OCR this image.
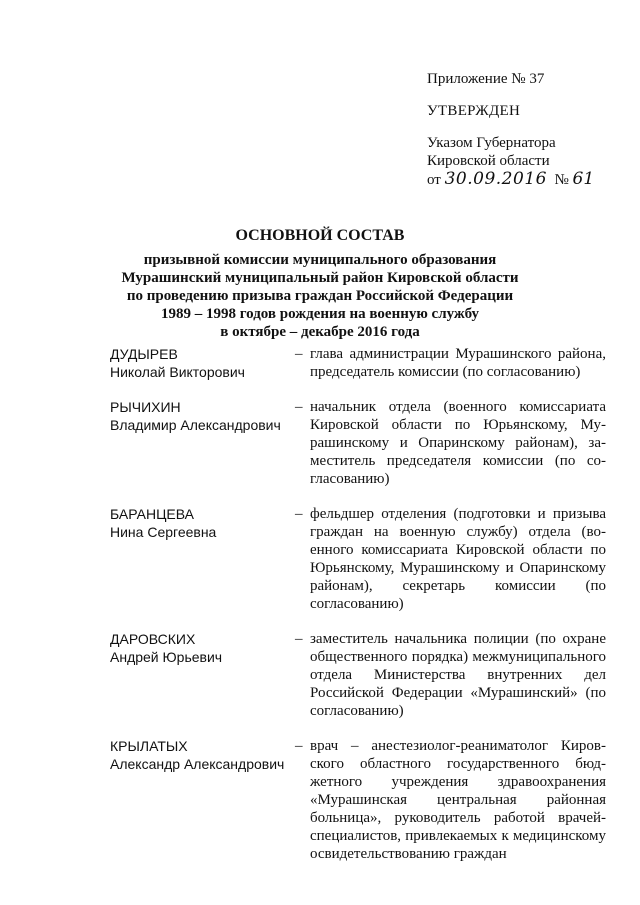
Приложение № 37
УТВЕРЖДЕН
Указом Губернатора
Кировской области
от 30.09.2016 № 61
ОСНОВНОЙ СОСТАВ
призывной комиссии муниципального образования
Мурашинский муниципальный район Кировской области
по проведению призыва граждан Российской Федерации
1989 – 1998 годов рождения на военную службу
в октябре – декабре 2016 года
ДУДЫРЕВ
Николай Викторович
– глава администрации Мурашинского района, председатель комиссии (по согласованию)
РЫЧИХИН
Владимир Александрович
– начальник отдела (военного комиссариата Кировской области по Юрьянскому, Мурашинскому и Опаринскому районам), заместитель председателя комиссии (по согласованию)
БАРАНЦЕВА
Нина Сергеевна
– фельдшер отделения (подготовки и призыва граждан на военную службу) отдела (военного комиссариата Кировской области по Юрьянскому, Мурашинскому и Опаринскому районам), секретарь комиссии (по согласованию)
ДАРОВСКИХ
Андрей Юрьевич
– заместитель начальника полиции (по охране общественного порядка) межмуниципального отдела Министерства внутренних дел Российской Федерации «Мурашинский» (по согласованию)
КРЫЛАТЫХ
Александр Александрович
– врач – анестезиолог-реаниматолог Кировского областного государственного бюджетного учреждения здравоохранения «Мурашинская центральная районная больница», руководитель работой врачей-специалистов, привлекаемых к медицинскому освидетельствованию граждан
